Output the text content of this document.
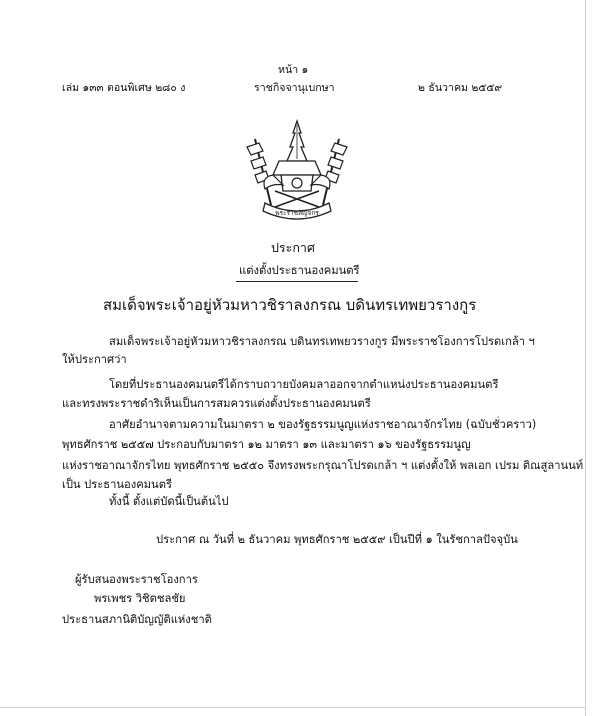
หน้า ๑
เล่ม ๑๓๓ ตอนพิเศษ ๒๘๐ ง	ราชกิจจานุเบกษา	๒ ธันวาคม ๒๕๕๙
พระราชลัญจกร
ประกาศ
แต่งตั้งประธานองคมนตรี
สมเด็จพระเจ้าอยู่หัวมหาวชิราลงกรณ บดินทรเทพยวรางกูร
สมเด็จพระเจ้าอยู่หัวมหาวชิราลงกรณ บดินทรเทพยวรางกูร มีพระราชโองการโปรดเกล้า ฯ
ให้ประกาศว่า
โดยที่ประธานองคมนตรีได้กราบถวายบังคมลาออกจากตำแหน่งประธานองคมนตรี
และทรงพระราชดำริเห็นเป็นการสมควรแต่งตั้งประธานองคมนตรี
อาศัยอำนาจตามความในมาตรา ๒ ของรัฐธรรมนูญแห่งราชอาณาจักรไทย (ฉบับชั่วคราว)
พุทธศักราช ๒๕๕๗ ประกอบกับมาตรา ๑๒ มาตรา ๑๓ และมาตรา ๑๖ ของรัฐธรรมนูญ
แห่งราชอาณาจักรไทย พุทธศักราช ๒๕๕๐ จึงทรงพระกรุณาโปรดเกล้า ฯ แต่งตั้งให้ พลเอก เปรม ติณสูลานนท์
เป็น ประธานองคมนตรี
ทั้งนี้ ตั้งแต่บัดนี้เป็นต้นไป
ประกาศ ณ วันที่ ๒ ธันวาคม พุทธศักราช ๒๕๕๙ เป็นปีที่ ๑ ในรัชกาลปัจจุบัน
ผู้รับสนองพระราชโองการ
พรเพชร วิชิตชลชัย
ประธานสภานิติบัญญัติแห่งชาติ
